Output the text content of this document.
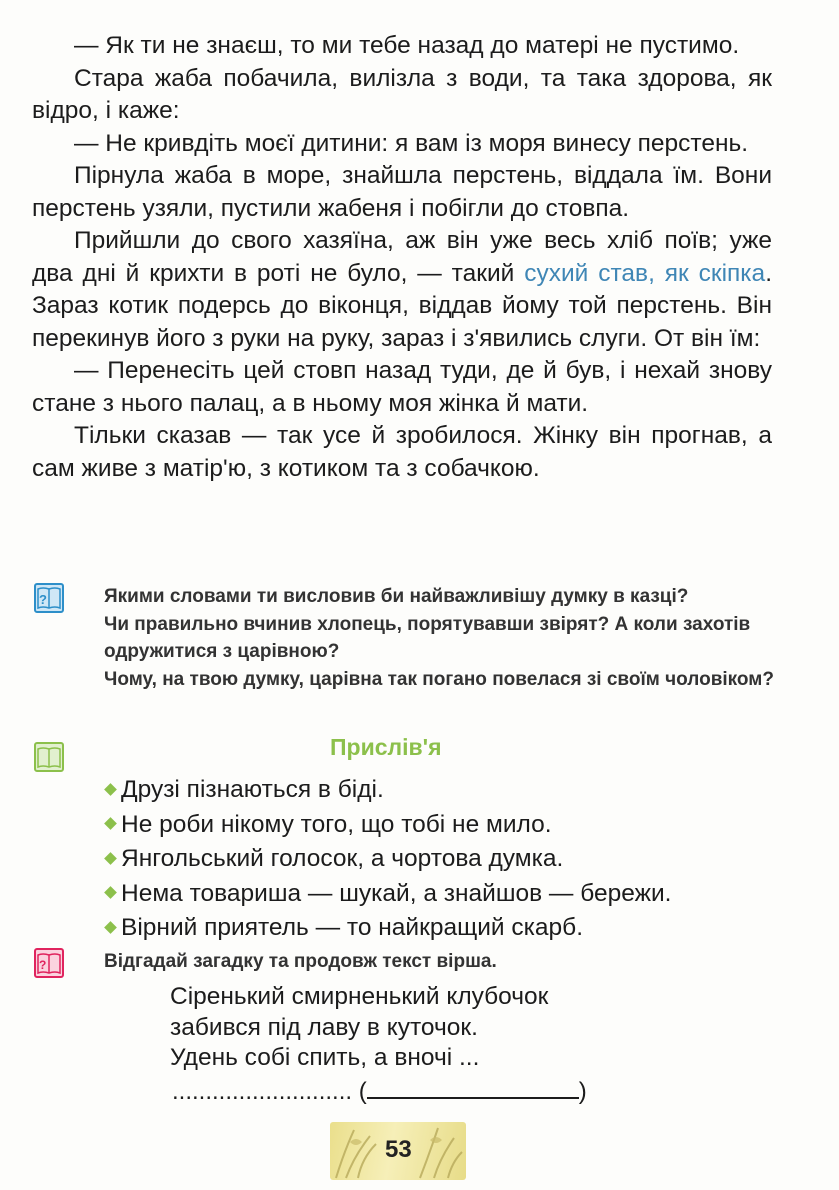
— Як ти не знаєш, то ми тебе назад до матері не пустимо.

Стара жаба побачила, вилізла з води, та така здорова, як відро, і каже:

— Не кривдіть моєї дитини: я вам із моря винесу перстень.

Пірнула жаба в море, знайшла перстень, віддала їм. Вони перстень узяли, пустили жабеня і побігли до стовпа.

Прийшли до свого хазяїна, аж він уже весь хліб поїв; уже два дні й крихти в роті не було, — такий сухий став, як скіпка. Зараз котик подерсь до віконця, віддав йому той перстень. Він перекинув його з руки на руку, зараз і з'явились слуги. От він їм:

— Перенесіть цей стовп назад туди, де й був, і нехай знову стане з нього палац, а в ньому моя жінка й мати.

Тільки сказав — так усе й зробилося. Жінку він прогнав, а сам живе з матір'ю, з котиком та з собачкою.

?	Якими словами ти висловив би найважливішу думку в казці?
Чи правильно вчинив хлопець, порятувавши звірят? А коли захотів одружитися з царівною?
Чому, на твою думку, царівна так погано повелася зі своїм чоловіком?
Прислів'я
Друзі пізнаються в біді.
Не роби нікому того, що тобі не мило.
Янгольський голосок, а чортова думка.
Нема товариша — шукай, а знайшов — бережи.
Вірний приятель — то найкращий скарб.
?	Відгадай загадку та продовж текст вірша.
Сіренький смирненький клубочок
забився під лаву в куточок.
Удень собі спить, а вночі ...
........................... (	)
53
